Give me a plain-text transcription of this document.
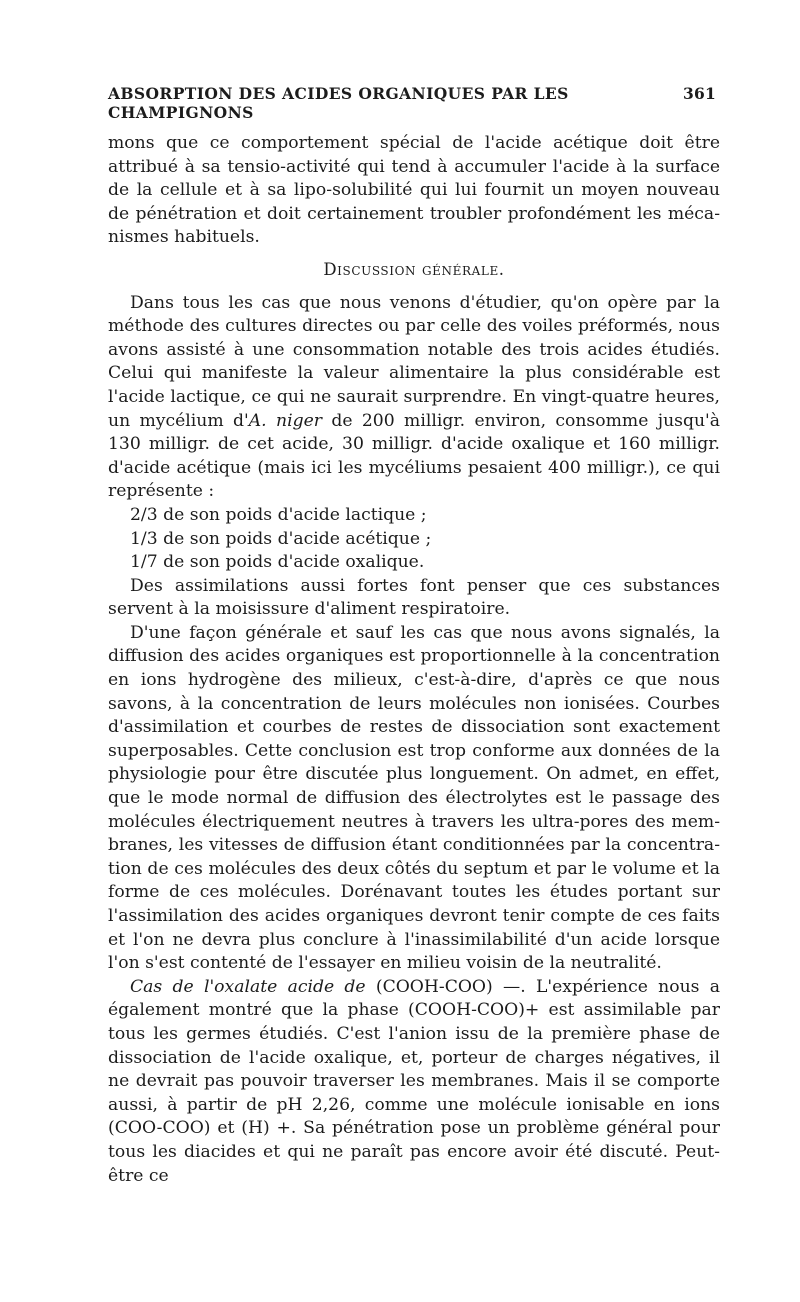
ABSORPTION DES ACIDES ORGANIQUES PAR LES CHAMPIGNONS
361

mons que ce comportement spécial de l'acide acétique doit être attribué à sa tensio-activité qui tend à accumuler l'acide à la surface de la cellule et à sa lipo-solubilité qui lui fournit un moyen nouveau de pénétration et doit certainement troubler profondément les mécanismes habituels.

Discussion générale.

Dans tous les cas que nous venons d'étudier, qu'on opère par la méthode des cultures directes ou par celle des voiles préformés, nous avons assisté à une consommation notable des trois acides étudiés. Celui qui manifeste la valeur alimentaire la plus considérable est l'acide lactique, ce qui ne saurait surprendre. En vingt-quatre heures, un mycélium d'A. niger de 200 milligr. environ, consomme jusqu'à 130 milligr. de cet acide, 30 milligr. d'acide oxalique et 160 milligr. d'acide acétique (mais ici les mycéliums pesaient 400 milligr.), ce qui représente :

2/3 de son poids d'acide lactique ;

1/3 de son poids d'acide acétique ;

1/7 de son poids d'acide oxalique.

Des assimilations aussi fortes font penser que ces substances servent à la moisissure d'aliment respiratoire.

D'une façon générale et sauf les cas que nous avons signalés, la diffusion des acides organiques est proportionnelle à la concentration en ions hydrogène des milieux, c'est-à-dire, d'après ce que nous savons, à la concentration de leurs molécules non ionisées. Courbes d'assimilation et courbes de restes de dissociation sont exactement superposables. Cette conclusion est trop conforme aux données de la physiologie pour être discutée plus longuement. On admet, en effet, que le mode normal de diffusion des électrolytes est le passage des molécules électriquement neutres à travers les ultra-pores des membranes, les vitesses de diffusion étant conditionnées par la concentration de ces molécules des deux côtés du septum et par le volume et la forme de ces molécules. Dorénavant toutes les études portant sur l'assimilation des acides organiques devront tenir compte de ces faits et l'on ne devra plus conclure à l'inassimilabilité d'un acide lorsque l'on s'est contenté de l'essayer en milieu voisin de la neutralité.

Cas de l'oxalate acide de (COOH-COO) —. L'expérience nous a également montré que la phase (COOH-COO)+ est assimilable par tous les germes étudiés. C'est l'anion issu de la première phase de dissociation de l'acide oxalique, et, porteur de charges négatives, il ne devrait pas pouvoir traverser les membranes. Mais il se comporte aussi, à partir de pH 2,26, comme une molécule ionisable en ions (COO-COO) et (H) +. Sa pénétration pose un problème général pour tous les diacides et qui ne paraît pas encore avoir été discuté. Peut-être ce
